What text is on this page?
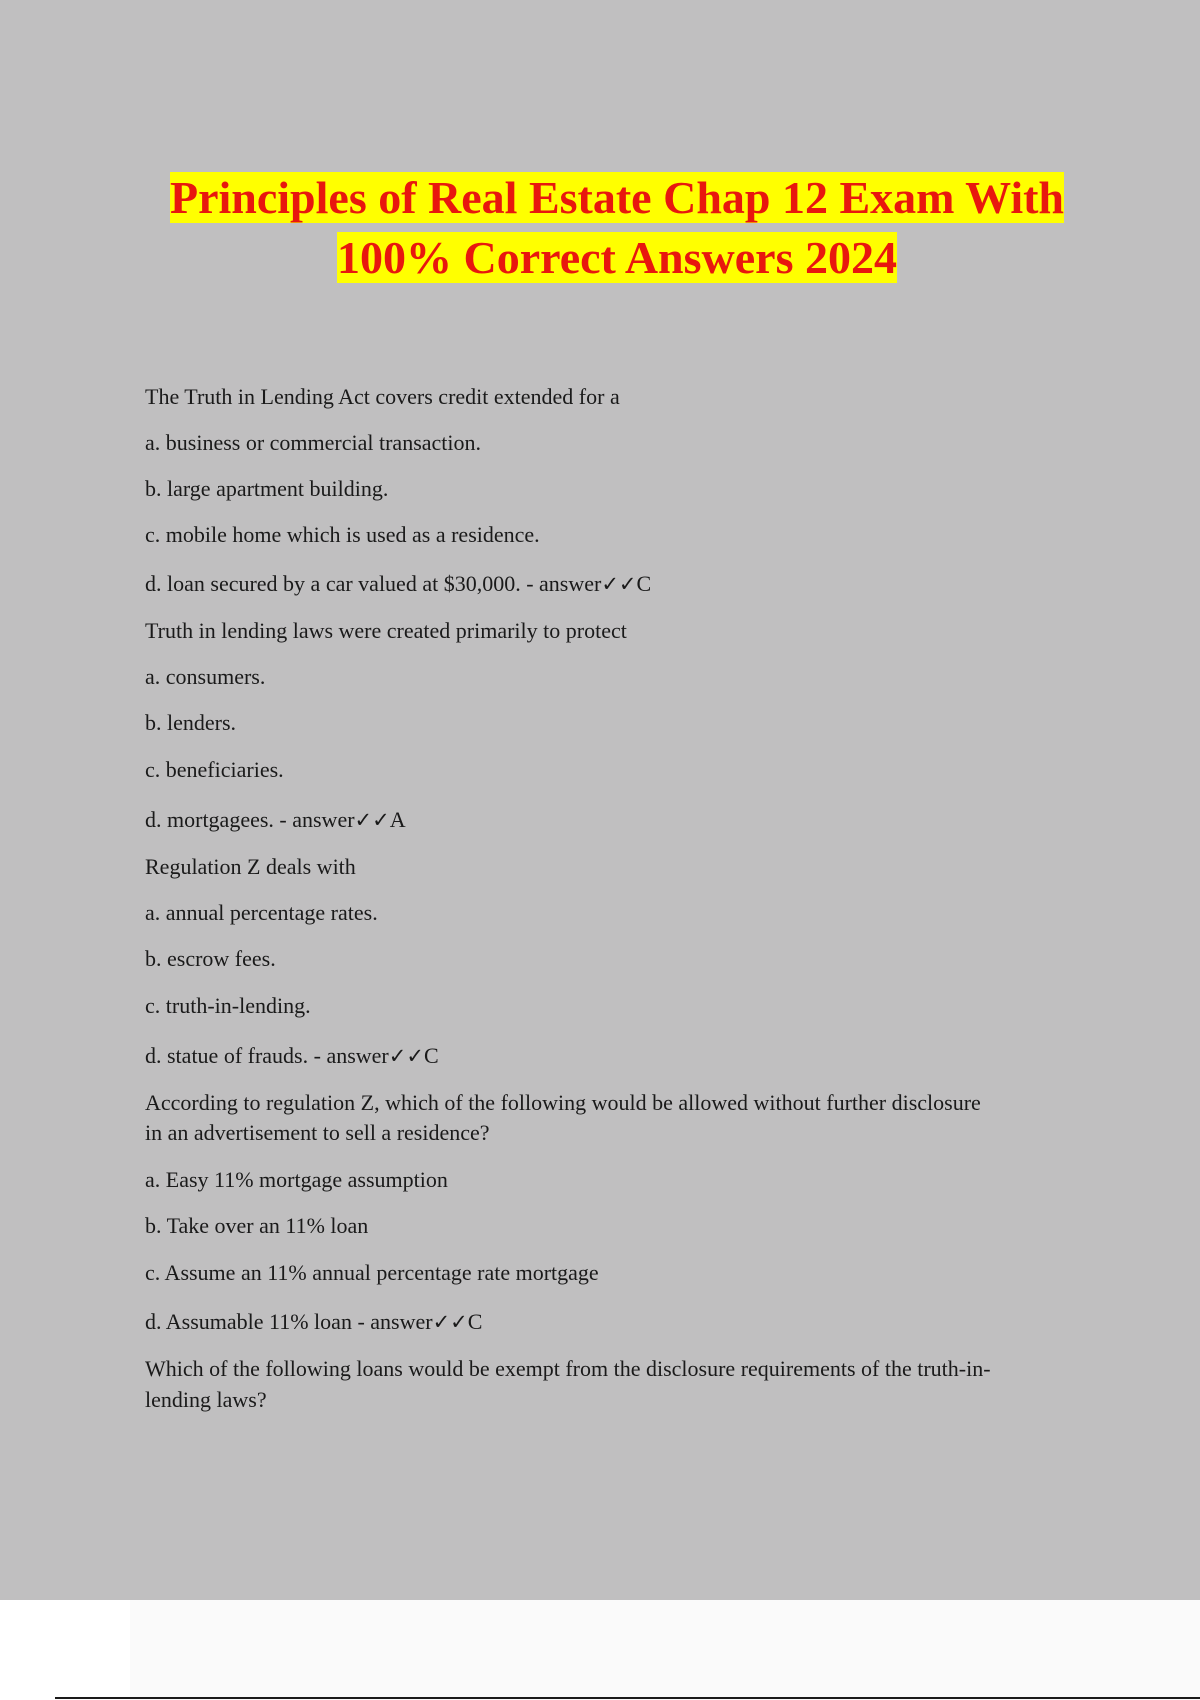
Principles of Real Estate Chap 12 Exam With
100% Correct Answers 2024

The Truth in Lending Act covers credit extended for a

a. business or commercial transaction.

b. large apartment building.

c. mobile home which is used as a residence.

d. loan secured by a car valued at $30,000. - answer✓✓C

Truth in lending laws were created primarily to protect

a. consumers.

b. lenders.

c. beneficiaries.

d. mortgagees. - answer✓✓A

Regulation Z deals with

a. annual percentage rates.

b. escrow fees.

c. truth-in-lending.

d. statue of frauds. - answer✓✓C

According to regulation Z, which of the following would be allowed without further disclosure

in an advertisement to sell a residence?

a. Easy 11% mortgage assumption

b. Take over an 11% loan

c. Assume an 11% annual percentage rate mortgage

d. Assumable 11% loan - answer✓✓C

Which of the following loans would be exempt from the disclosure requirements of the truth-in-

lending laws?
